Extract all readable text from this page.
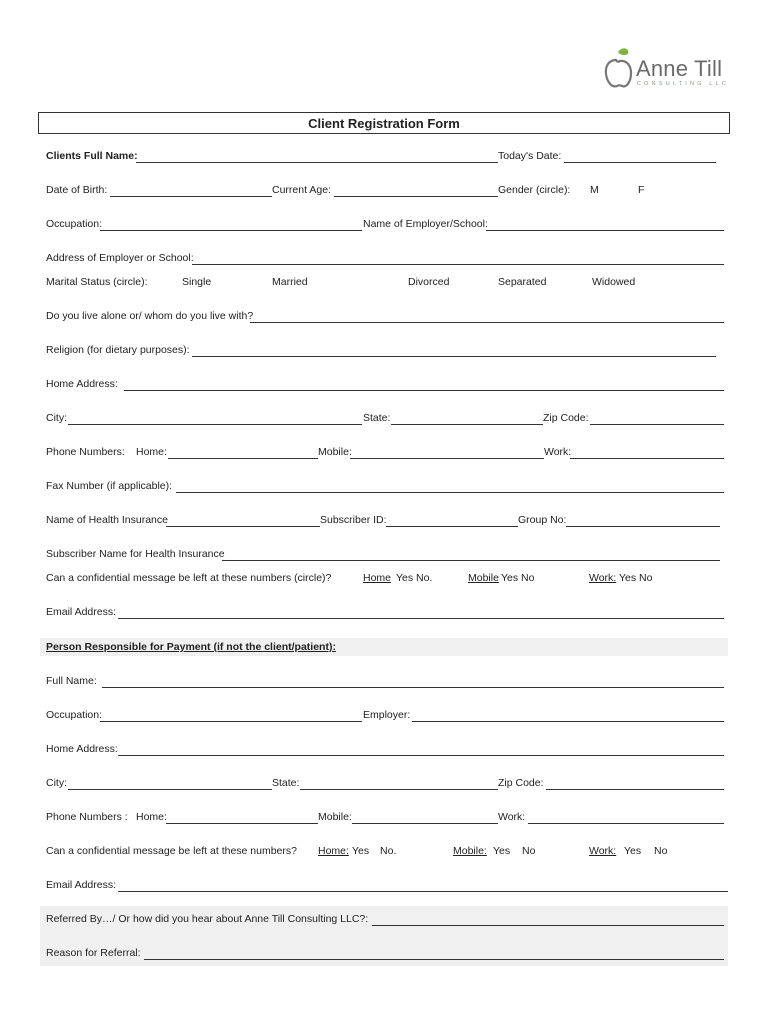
Anne Till
CONSULTING LLC
Client Registration Form
Clients Full Name:	Today's Date:
Date of Birth:	Current Age:	Gender (circle): M	F
Occupation:	Name of Employer/School:
Address of Employer or School:
Marital Status (circle):	Single	Married	Divorced	Separated	Widowed
Do you live alone or/ whom do you live with?
Religion (for dietary purposes):
Home Address:
City:	State:	Zip Code:
Phone Numbers: Home:	Mobile:	Work:
Fax Number (if applicable):
Name of Health Insurance	Subscriber ID:	Group No:
Subscriber Name for Health Insurance
Can a confidential message be left at these numbers (circle)?	Home Yes No.	Mobile Yes No	Work: Yes No
Email Address:
Person Responsible for Payment (if not the client/patient):
Full Name:
Occupation:	Employer:
Home Address:
City:	State:	Zip Code:
Phone Numbers : Home:	Mobile:	Work:
Can a confidential message be left at these numbers? Home: Yes No.	Mobile: Yes No	Work: Yes No
Email Address:
Referred By…/ Or how did you hear about Anne Till Consulting LLC?:
Reason for Referral:
